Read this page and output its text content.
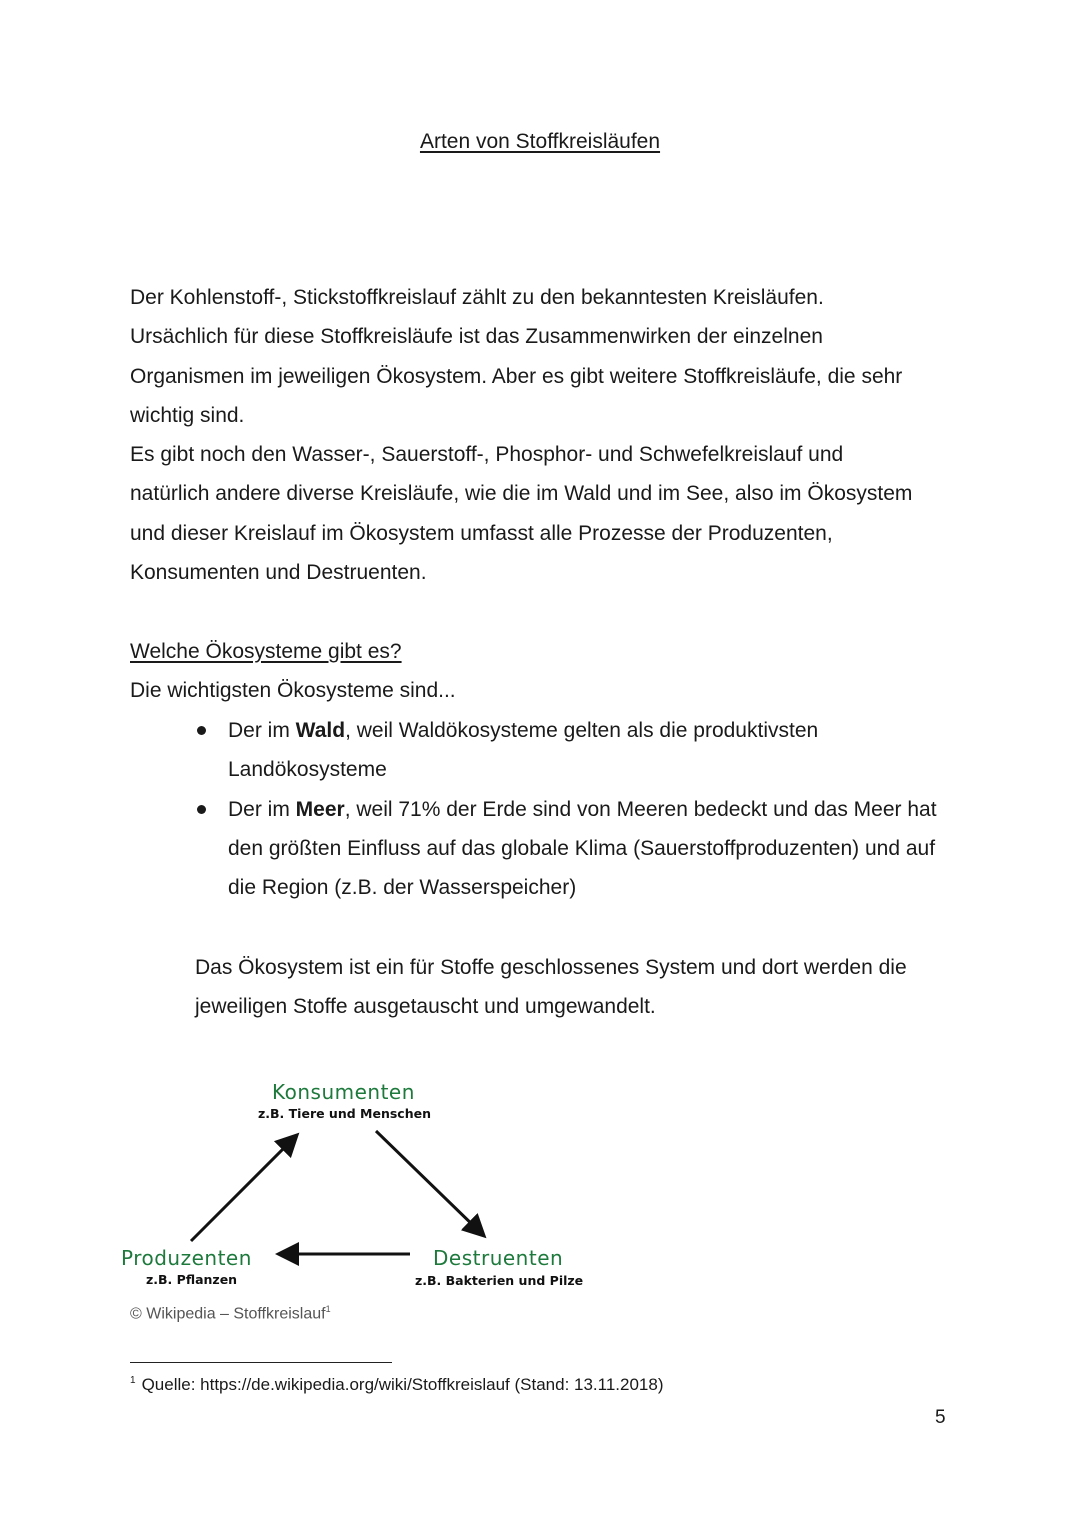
Arten von Stoffkreisläufen
Der Kohlenstoff-, Stickstoffkreislauf zählt zu den bekanntesten Kreisläufen.
Ursächlich für diese Stoffkreisläufe ist das Zusammenwirken der einzelnen
Organismen im jeweiligen Ökosystem. Aber es gibt weitere Stoffkreisläufe, die sehr
wichtig sind.
Es gibt noch den Wasser-, Sauerstoff-, Phosphor- und Schwefelkreislauf und
natürlich andere diverse Kreisläufe, wie die im Wald und im See, also im Ökosystem
und dieser Kreislauf im Ökosystem umfasst alle Prozesse der Produzenten,
Konsumenten und Destruenten.
Welche Ökosysteme gibt es?
Die wichtigsten Ökosysteme sind...
Der im Wald, weil Waldökosysteme gelten als die produktivsten Landökosysteme
Der im Meer, weil 71% der Erde sind von Meeren bedeckt und das Meer hat den größten Einfluss auf das globale Klima (Sauerstoffproduzenten) und auf die Region (z.B. der Wasserspeicher)
Das Ökosystem ist ein für Stoffe geschlossenes System und dort werden die jeweiligen Stoffe ausgetauscht und umgewandelt.
Konsumenten
z.B. Tiere und Menschen
Produzenten
z.B. Pflanzen
Destruenten
z.B. Bakterien und Pilze
© Wikipedia – Stoffkreislauf$^1$
$^1$ Quelle: https://de.wikipedia.org/wiki/Stoffkreislauf (Stand: 13.11.2018)
5
